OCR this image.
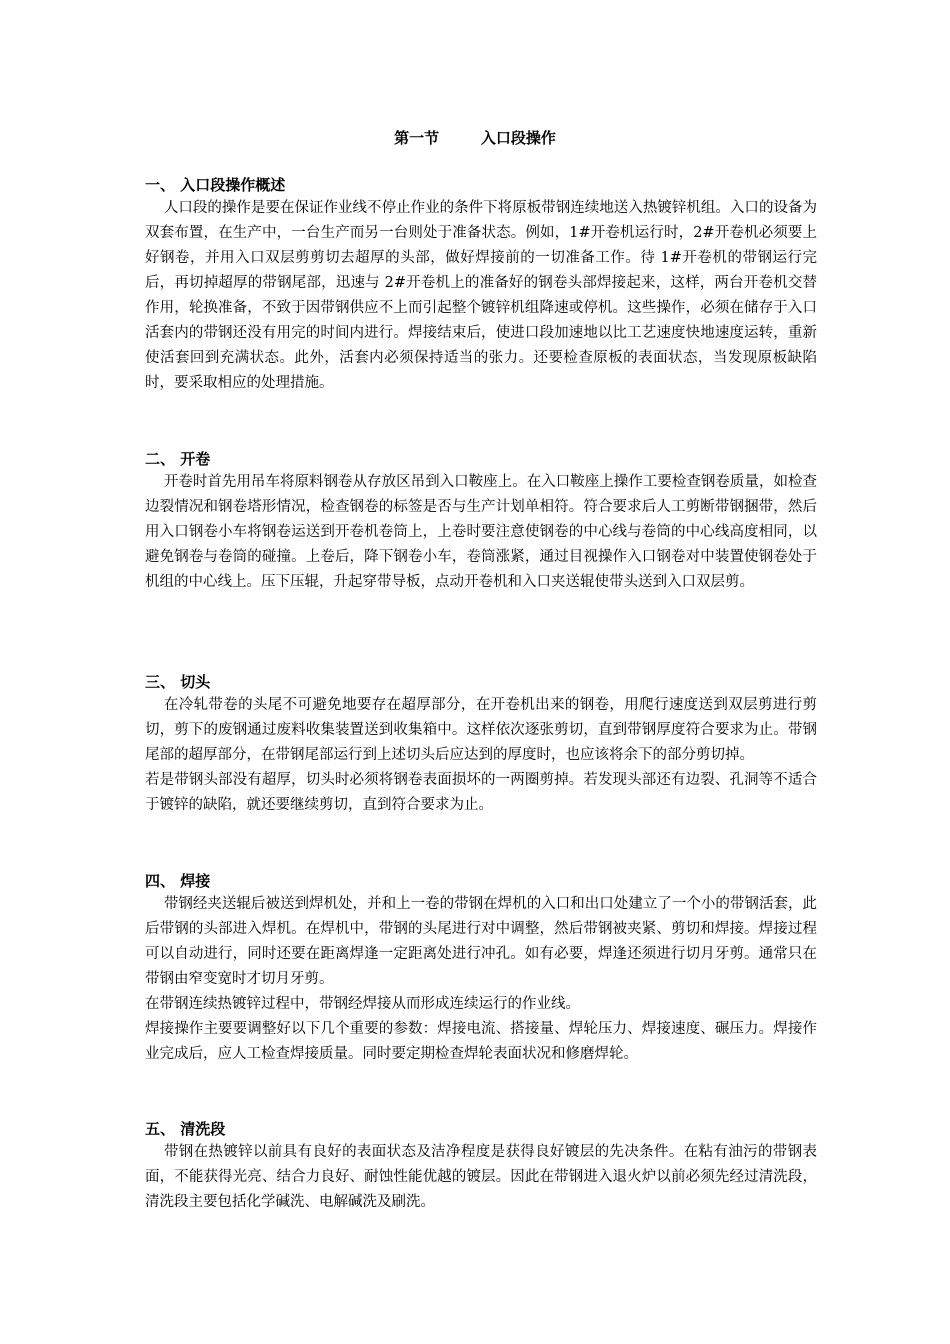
第一节        入口段操作
一、 入口段操作概述

人口段的操作是要在保证作业线不停止作业的条件下将原板带钢连续地送入热镀锌机组。入口的设备为双套布置，在生产中，一台生产而另一台则处于准备状态。例如，1#开卷机运行时，2#开卷机必须要上好钢卷，并用入口双层剪剪切去超厚的头部，做好焊接前的一切准备工作。待 1#开卷机的带钢运行完后，再切掉超厚的带钢尾部，迅速与 2#开卷机上的准备好的钢卷头部焊接起来，这样，两台开卷机交替作用，轮换准备，不致于因带钢供应不上而引起整个镀锌机组降速或停机。这些操作，必须在储存于入口活套内的带钢还没有用完的时间内进行。焊接结束后，使进口段加速地以比工艺速度快地速度运转，重新使活套回到充满状态。此外，活套内必须保持适当的张力。还要检查原板的表面状态，当发现原板缺陷时，要采取相应的处理措施。

二、 开卷

开卷时首先用吊车将原料钢卷从存放区吊到入口鞍座上。在入口鞍座上操作工要检查钢卷质量，如检查边裂情况和钢卷塔形情况，检查钢卷的标签是否与生产计划单相符。符合要求后人工剪断带钢捆带，然后用入口钢卷小车将钢卷运送到开卷机卷筒上，上卷时要注意使钢卷的中心线与卷筒的中心线高度相同，以避免钢卷与卷筒的碰撞。上卷后，降下钢卷小车，卷筒涨紧，通过目视操作入口钢卷对中装置使钢卷处于机组的中心线上。压下压辊，升起穿带导板，点动开卷机和入口夹送辊使带头送到入口双层剪。

三、 切头

在冷轧带卷的头尾不可避免地要存在超厚部分，在开卷机出来的钢卷，用爬行速度送到双层剪进行剪切，剪下的废钢通过废料收集装置送到收集箱中。这样依次逐张剪切，直到带钢厚度符合要求为止。带钢尾部的超厚部分，在带钢尾部运行到上述切头后应达到的厚度时，也应该将余下的部分剪切掉。

若是带钢头部没有超厚，切头时必须将钢卷表面损坏的一两圈剪掉。若发现头部还有边裂、孔洞等不适合于镀锌的缺陷，就还要继续剪切，直到符合要求为止。

四、 焊接

带钢经夹送辊后被送到焊机处，并和上一卷的带钢在焊机的入口和出口处建立了一个小的带钢活套，此后带钢的头部进入焊机。在焊机中，带钢的头尾进行对中调整，然后带钢被夹紧、剪切和焊接。焊接过程可以自动进行，同时还要在距离焊逢一定距离处进行冲孔。如有必要，焊逢还须进行切月牙剪。通常只在带钢由窄变宽时才切月牙剪。

在带钢连续热镀锌过程中，带钢经焊接从而形成连续运行的作业线。

焊接操作主要要调整好以下几个重要的参数：焊接电流、搭接量、焊轮压力、焊接速度、碾压力。焊接作业完成后，应人工检查焊接质量。同时要定期检查焊轮表面状况和修磨焊轮。

五、 清洗段

带钢在热镀锌以前具有良好的表面状态及洁净程度是获得良好镀层的先决条件。在粘有油污的带钢表面，不能获得光亮、结合力良好、耐蚀性能优越的镀层。因此在带钢进入退火炉以前必须先经过清洗段，清洗段主要包括化学碱洗、电解碱洗及刷洗。
